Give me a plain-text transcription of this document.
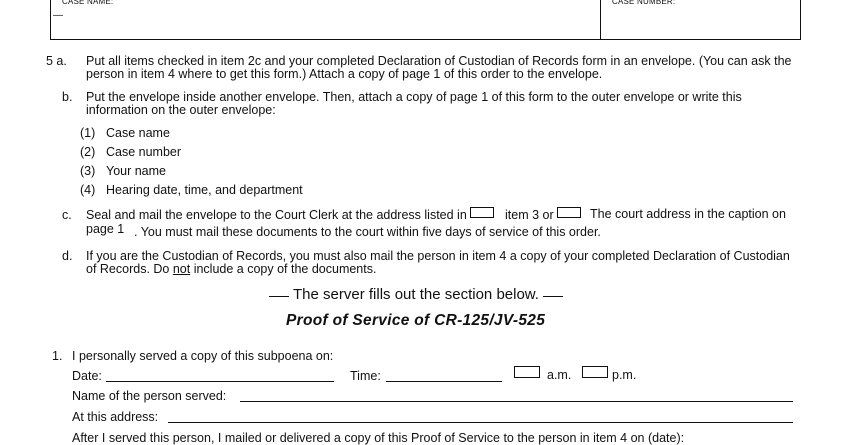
CASE NAME:
—
CASE NUMBER:
5 a. Put all items checked in item 2c and your completed Declaration of Custodian of Records form in an envelope. (You can ask the
person in item 4 where to get this form.) Attach a copy of page 1 of this order to the envelope.
b. Put the envelope inside another envelope. Then, attach a copy of page 1 of this form to the outer envelope or write this
information on the outer envelope:
(1) Case name
(2) Case number
(3) Your name
(4) Hearing date, time, and department
c. Seal and mail the envelope to the Court Clerk at the address listed in	item 3 or	The court address in the caption on
page 1 . You must mail these documents to the court within five days of service of this order.
d. If you are the Custodian of Records, you must also mail the person in item 4 a copy of your completed Declaration of Custodian
of Records. Do not include a copy of the documents.
The server fills out the section below.
Proof of Service of CR-125/JV-525
1. I personally served a copy of this subpoena on:
Date:	Time:	a.m.	p.m.
Name of the person served:
At this address:
After I served this person, I mailed or delivered a copy of this Proof of Service to the person in item 4 on (date):
